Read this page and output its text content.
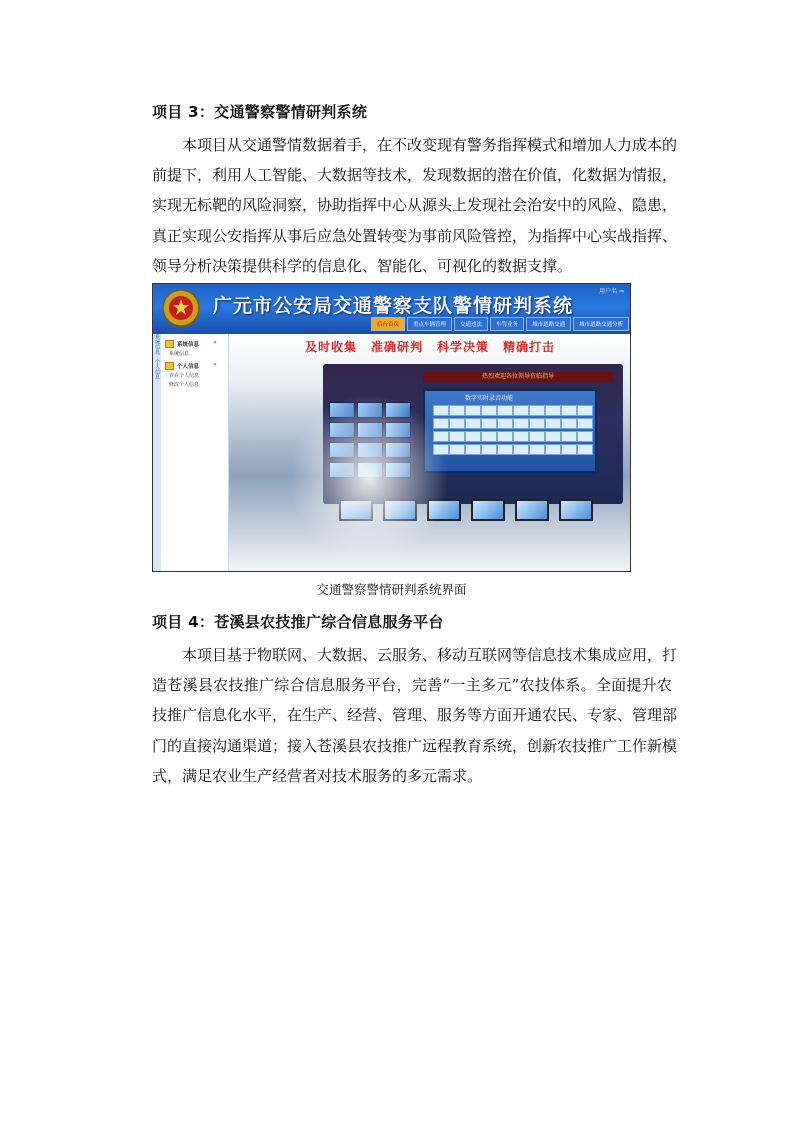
项目 3：交通警察警情研判系统
本项目从交通警情数据着手，在不改变现有警务指挥模式和增加人力成本的
前提下，利用人工智能、大数据等技术，发现数据的潜在价值，化数据为情报，
实现无标靶的风险洞察，协助指挥中心从源头上发现社会治安中的风险、隐患，
真正实现公安指挥从事后应急处置转变为事前风险管控，为指挥中心实战指挥、
领导分析决策提供科学的信息化、智能化、可视化的数据支撑。
广元市公安局交通警察支队警情研判系统
用户名 ⇒
后台首页	重点车辆管理	交通违法	车驾业务	城市道路交通	城市道路交通分析
系统信息、个人信息	系统信息 «
系统信息
个人信息 «
查看个人信息
修改个人信息
热烈欢迎各位领导莅临指导
数字实时录音功能
及时收集 准确研判 科学决策 精确打击
交通警察警情研判系统界面
项目 4：苍溪县农技推广综合信息服务平台
本项目基于物联网、大数据、云服务、移动互联网等信息技术集成应用，打
造苍溪县农技推广综合信息服务平台，完善“一主多元”农技体系。全面提升农
技推广信息化水平，在生产、经营、管理、服务等方面开通农民、专家、管理部
门的直接沟通渠道；接入苍溪县农技推广远程教育系统，创新农技推广工作新模
式，满足农业生产经营者对技术服务的多元需求。
